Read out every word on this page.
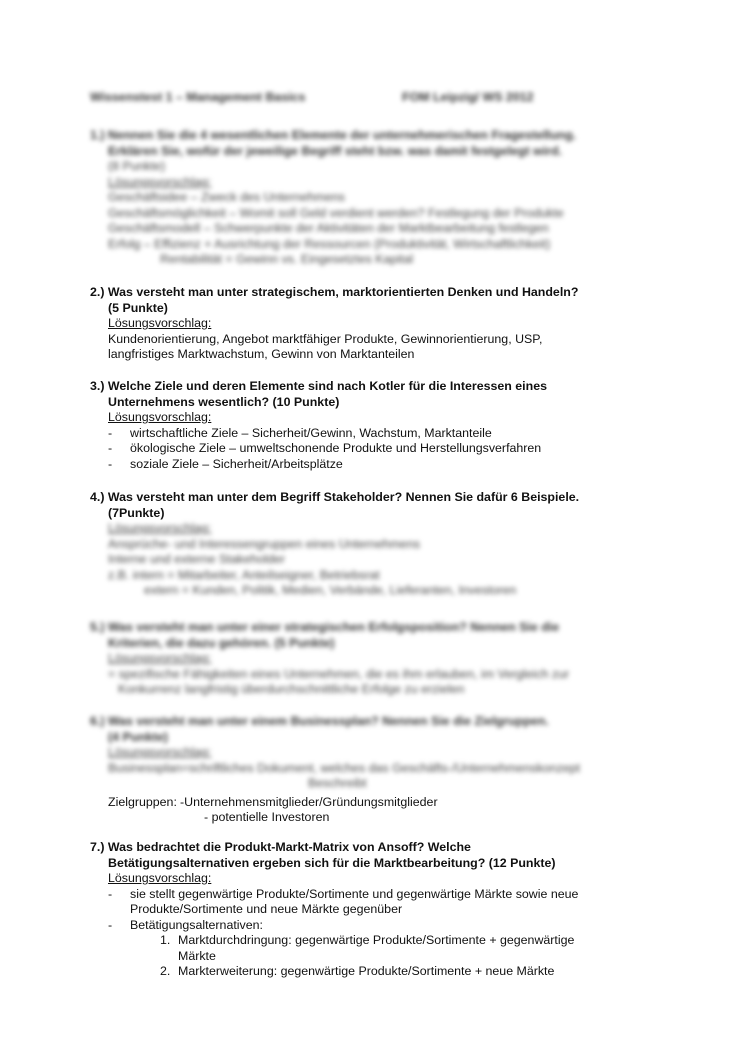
Wissenstest 1 – Management Basics	FOM Leipzig/ WS 2012

1.) Nennen Sie die 4 wesentlichen Elemente der unternehmerischen Fragestellung.

Erklären Sie, wofür der jeweilige Begriff steht bzw. was damit festgelegt wird.

(8 Punkte)

Lösungsvorschlag:

Geschäftsidee – Zweck des Unternehmens

Geschäftsmöglichkeit – Womit soll Geld verdient werden? Festlegung der Produkte

Geschäftsmodell – Schwerpunkte der Aktivitäten der Marktbearbeitung festlegen

Erfolg – Effizienz + Ausrichtung der Ressourcen (Produktivität, Wirtschaftlichkeit)

Rentabilität = Gewinn vs. Eingesetztes Kapital

2.) Was versteht man unter strategischem, marktorientierten Denken und Handeln?

(5 Punkte)

Lösungsvorschlag:

Kundenorientierung, Angebot marktfähiger Produkte, Gewinnorientierung, USP,

langfristiges Marktwachstum, Gewinn von Marktanteilen

3.) Welche Ziele und deren Elemente sind nach Kotler für die Interessen eines

Unternehmens wesentlich? (10 Punkte)

Lösungsvorschlag:

- wirtschaftliche Ziele – Sicherheit/Gewinn, Wachstum, Marktanteile

- ökologische Ziele – umweltschonende Produkte und Herstellungsverfahren

- soziale Ziele – Sicherheit/Arbeitsplätze

4.) Was versteht man unter dem Begriff Stakeholder? Nennen Sie dafür 6 Beispiele.

(7Punkte)

Lösungsvorschlag:

Ansprüche- und Interessengruppen eines Unternehmens

Interne und externe Stakeholder

z.B. intern = Mitarbeiter, Anteilseigner, Betriebsrat

extern = Kunden, Politik, Medien, Verbände, Lieferanten, Investoren

5.) Was versteht man unter einer strategischen Erfolgsposition? Nennen Sie die

Kriterien, die dazu gehören. (5 Punkte)

Lösungsvorschlag:

= spezifische Fähigkeiten eines Unternehmen, die es ihm erlauben, im Vergleich zur

Konkurrenz langfristig überdurchschnittliche Erfolge zu erzielen

6.) Was versteht man unter einem Businessplan? Nennen Sie die Zielgruppen.

(4 Punkte)

Lösungsvorschlag:

Businessplan=schriftliches Dokument, welches das Geschäfts-/Unternehmenskonzept

Beschreibt

Zielgruppen: -Unternehmensmitglieder/Gründungsmitglieder

- potentielle Investoren

7.) Was bedrachtet die Produkt-Markt-Matrix von Ansoff? Welche

Betätigungsalternativen ergeben sich für die Marktbearbeitung? (12 Punkte)

Lösungsvorschlag:

- sie stellt gegenwärtige Produkte/Sortimente und gegenwärtige Märkte sowie neue

Produkte/Sortimente und neue Märkte gegenüber

- Betätigungsalternativen:

1. Marktdurchdringung: gegenwärtige Produkte/Sortimente + gegenwärtige

Märkte

2. Markterweiterung: gegenwärtige Produkte/Sortimente + neue Märkte
